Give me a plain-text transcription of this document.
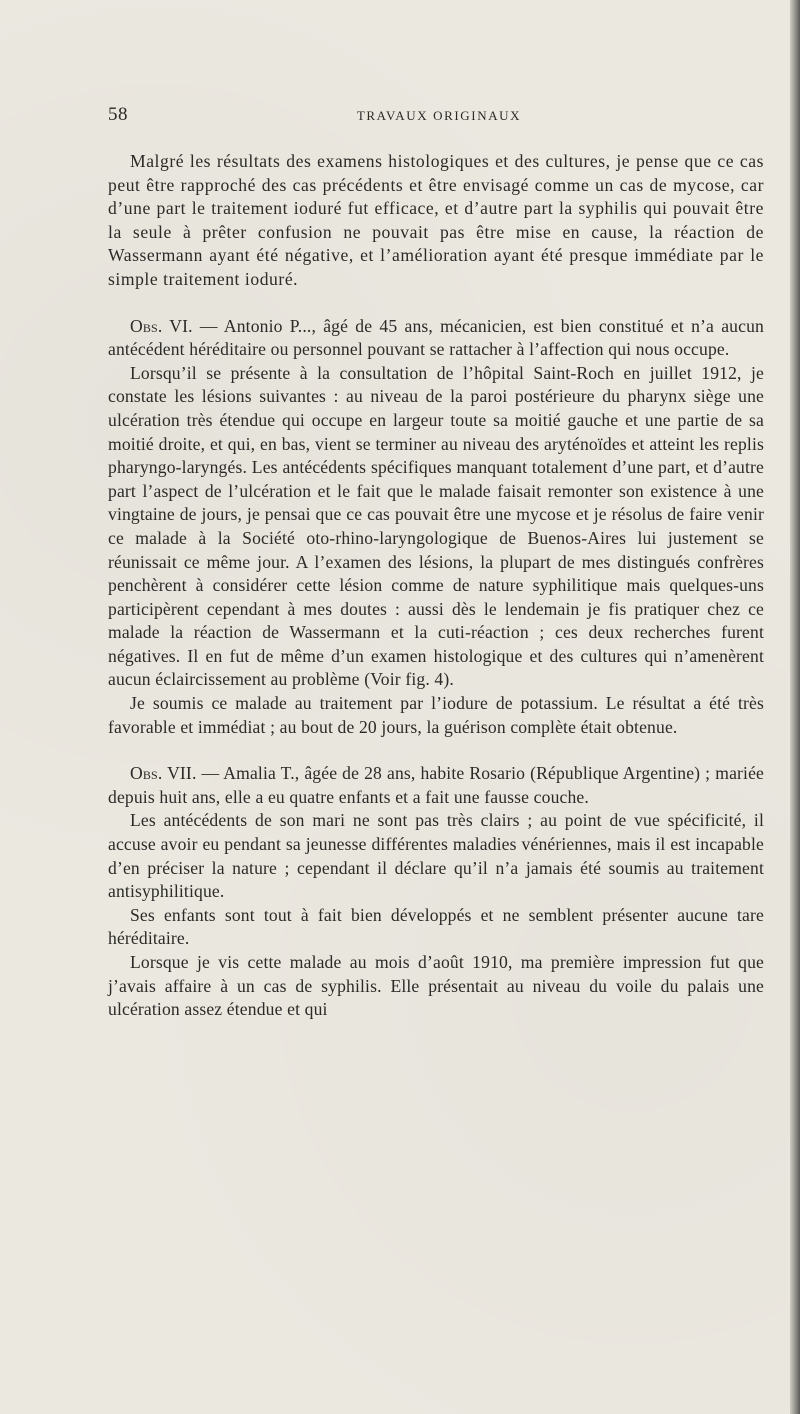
58	TRAVAUX ORIGINAUX

Malgré les résultats des examens histologiques et des cultures, je pense que ce cas peut être rapproché des cas précédents et être envisagé comme un cas de mycose, car d’une part le traitement ioduré fut efficace, et d’autre part la syphilis qui pouvait être la seule à prêter confusion ne pouvait pas être mise en cause, la réaction de Wassermann ayant été négative, et l’amélioration ayant été presque immédiate par le simple traitement ioduré.

Obs. VI. — Antonio P..., âgé de 45 ans, mécanicien, est bien constitué et n’a aucun antécédent héréditaire ou personnel pouvant se rattacher à l’affection qui nous occupe.

Lorsqu’il se présente à la consultation de l’hôpital Saint-Roch en juillet 1912, je constate les lésions suivantes : au niveau de la paroi postérieure du pharynx siège une ulcération très étendue qui occupe en largeur toute sa moitié gauche et une partie de sa moitié droite, et qui, en bas, vient se terminer au niveau des aryténoïdes et atteint les replis pharyngo-laryngés. Les antécédents spécifiques manquant totalement d’une part, et d’autre part l’aspect de l’ulcération et le fait que le malade faisait remonter son existence à une vingtaine de jours, je pensai que ce cas pouvait être une mycose et je résolus de faire venir ce malade à la Société oto-rhino-laryngologique de Buenos-Aires lui justement se réunissait ce même jour. A l’examen des lésions, la plupart de mes distingués confrères penchèrent à considérer cette lésion comme de nature syphilitique mais quelques-uns participèrent cependant à mes doutes : aussi dès le lendemain je fis pratiquer chez ce malade la réaction de Wassermann et la cuti-réaction ; ces deux recherches furent négatives. Il en fut de même d’un examen histologique et des cultures qui n’amenèrent aucun éclaircissement au problème (Voir fig. 4).

Je soumis ce malade au traitement par l’iodure de potassium. Le résultat a été très favorable et immédiat ; au bout de 20 jours, la guérison complète était obtenue.

Obs. VII. — Amalia T., âgée de 28 ans, habite Rosario (République Argentine) ; mariée depuis huit ans, elle a eu quatre enfants et a fait une fausse couche.

Les antécédents de son mari ne sont pas très clairs ; au point de vue spécificité, il accuse avoir eu pendant sa jeunesse différentes maladies vénériennes, mais il est incapable d’en préciser la nature ; cependant il déclare qu’il n’a jamais été soumis au traitement antisyphilitique.

Ses enfants sont tout à fait bien développés et ne semblent présenter aucune tare héréditaire.

Lorsque je vis cette malade au mois d’août 1910, ma première impression fut que j’avais affaire à un cas de syphilis. Elle présentait au niveau du voile du palais une ulcération assez étendue et qui
